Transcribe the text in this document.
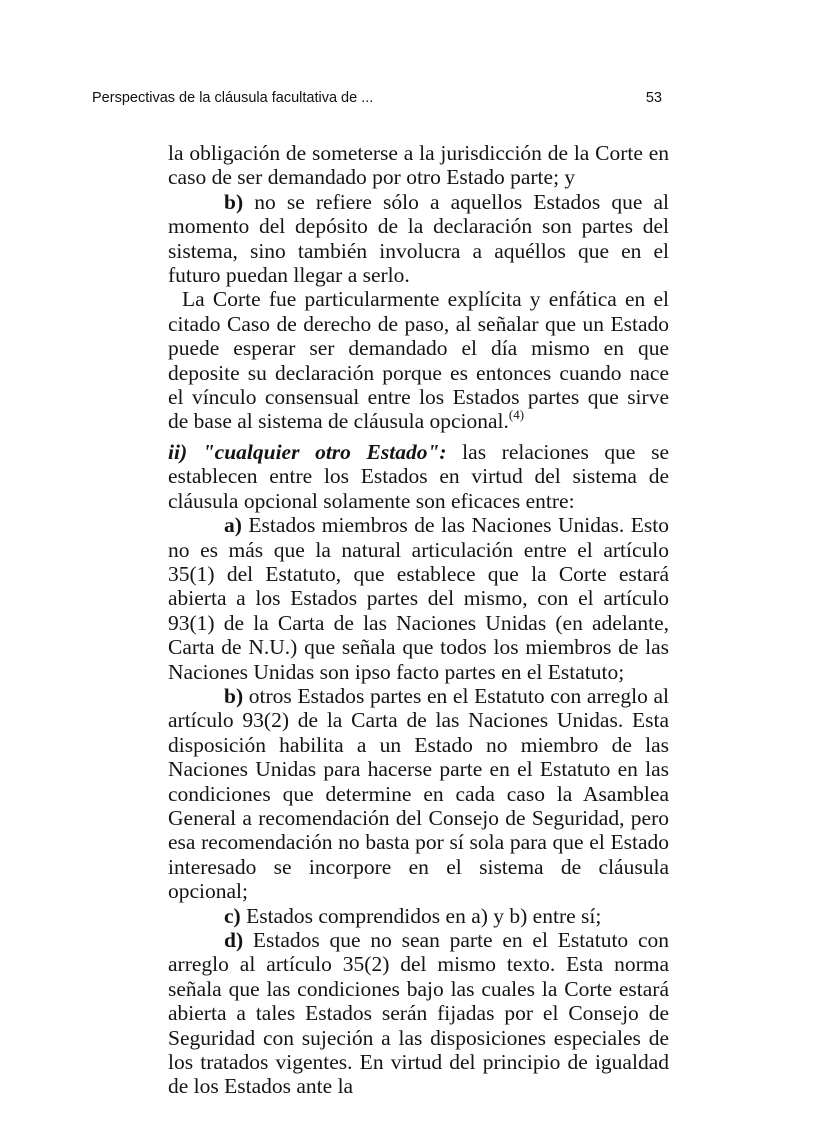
Perspectivas de la cláusula facultativa de ...	53

la obligación de someterse a la jurisdicción de la Corte en caso de ser demandado por otro Estado parte; y

b) no se refiere sólo a aquellos Estados que al momento del depósito de la declaración son partes del sistema, sino también involucra a aquéllos que en el futuro puedan llegar a serlo.

La Corte fue particularmente explícita y enfática en el citado Caso de derecho de paso, al señalar que un Estado puede esperar ser demandado el día mismo en que deposite su declaración porque es entonces cuando nace el vínculo consensual entre los Estados partes que sirve de base al sistema de cláusula opcional.$^{(4)}$

ii) "cualquier otro Estado": las relaciones que se establecen entre los Estados en virtud del sistema de cláusula opcional solamente son eficaces entre:

a) Estados miembros de las Naciones Unidas. Esto no es más que la natural articulación entre el artículo 35(1) del Estatuto, que establece que la Corte estará abierta a los Estados partes del mismo, con el artículo 93(1) de la Carta de las Naciones Unidas (en adelante, Carta de N.U.) que señala que todos los miembros de las Naciones Unidas son ipso facto partes en el Estatuto;

b) otros Estados partes en el Estatuto con arreglo al artículo 93(2) de la Carta de las Naciones Unidas. Esta disposición habilita a un Estado no miembro de las Naciones Unidas para hacerse parte en el Estatuto en las condiciones que determine en cada caso la Asamblea General a recomendación del Consejo de Seguridad, pero esa recomendación no basta por sí sola para que el Estado interesado se incorpore en el sistema de cláusula opcional;

c) Estados comprendidos en a) y b) entre sí;

d) Estados que no sean parte en el Estatuto con arreglo al artículo 35(2) del mismo texto. Esta norma señala que las condiciones bajo las cuales la Corte estará abierta a tales Estados serán fijadas por el Consejo de Seguridad con sujeción a las disposiciones especiales de los tratados vigentes. En virtud del principio de igualdad de los Estados ante la
